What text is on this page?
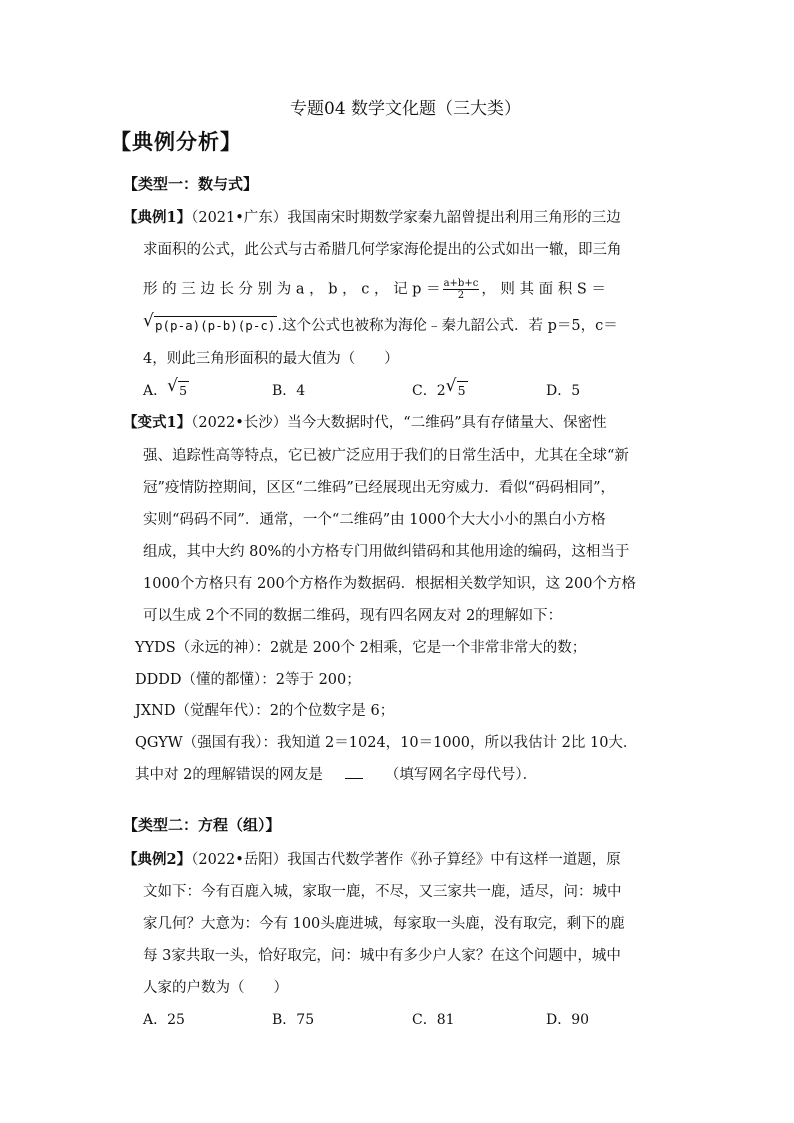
专题04 数学文化题（三大类）
【典例分析】
【类型一：数与式】
【典例1】（2021•广东）我国南宋时期数学家秦九韶曾提出利用三角形的三边
求面积的公式，此公式与古希腊几何学家海伦提出的公式如出一辙，即三角
形 的 三 边 长 分 别 为 a ， b ， c ， 记 $p = \frac{a+b+c}{2}$ ， 则 其 面 积 S ＝
√ p(p-a)(p-b)(p-c) .这个公式也被称为海伦﹣秦九韶公式．若 p＝5，c＝
4，则此三角形面积的最大值为（　　）
A． √ 5	B．4	C．2 √ 5	D．5
【变式1】（2022•长沙）当今大数据时代，“二维码”具有存储量大、保密性
强、追踪性高等特点，它已被广泛应用于我们的日常生活中，尤其在全球“新
冠”疫情防控期间，区区“二维码”已经展现出无穷威力．看似“码码相同”，
实则“码码不同”．通常，一个“二维码”由 1000个大大小小的黑白小方格
组成，其中大约 80%的小方格专门用做纠错码和其他用途的编码，这相当于
1000个方格只有 200个方格作为数据码．根据相关数学知识，这 200个方格
可以生成 2个不同的数据二维码，现有四名网友对 2的理解如下：
YYDS（永远的神）：2就是 200个 2相乘，它是一个非常非常大的数；
DDDD（懂的都懂）：2等于 200；
JXND（觉醒年代）：2的个位数字是 6；
QGYW（强国有我）：我知道 2＝1024，10＝1000，所以我估计 2比 10大．
其中对 2的理解错误的网友是	（填写网名字母代号）．
【类型二：方程（组）】
【典例2】（2022•岳阳）我国古代数学著作《孙子算经》中有这样一道题，原
文如下：今有百鹿入城，家取一鹿，不尽，又三家共一鹿，适尽，问：城中
家几何？大意为：今有 100头鹿进城，每家取一头鹿，没有取完，剩下的鹿
每 3家共取一头，恰好取完，问：城中有多少户人家？在这个问题中，城中
人家的户数为（　　）
A．25	B．75	C．81	D．90
